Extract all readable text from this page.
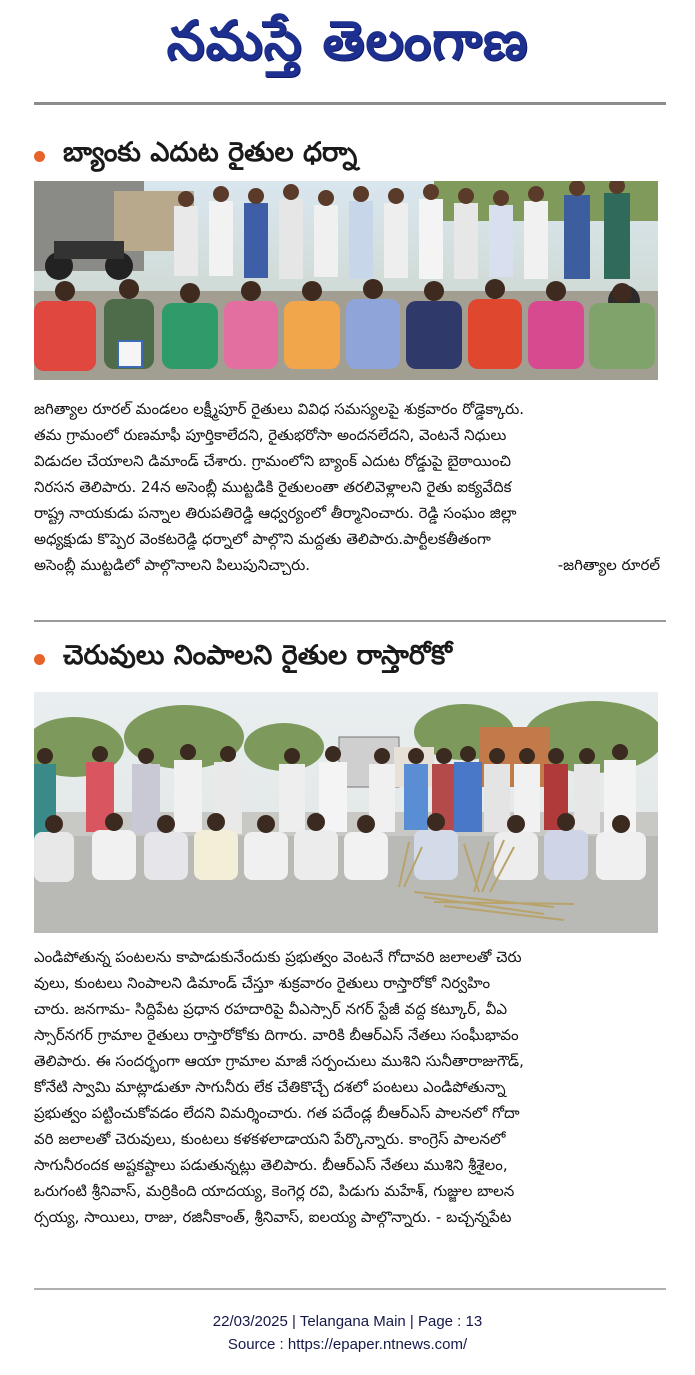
నమస్తే తెలంగాణ
బ్యాంకు ఎదుట రైతుల ధర్నా
జగిత్యాల రూరల్ మండలం లక్ష్మీపూర్ రైతులు వివిధ సమస్యలపై శుక్రవారం రోడ్డెక్కారు.
తమ గ్రామంలో రుణమాఫీ పూర్తికాలేదని, రైతుభరోసా అందనలేదని, వెంటనే నిధులు
విడుదల చేయాలని డిమాండ్ చేశారు. గ్రామంలోని బ్యాంక్ ఎదుట రోడ్డుపై బైఠాయించి
నిరసన తెలిపారు. 24న అసెంబ్లీ ముట్టడికి రైతులంతా తరలివెళ్లాలని రైతు ఐక్యవేదిక
రాష్ట్ర నాయకుడు పన్నాల తిరుపతిరెడ్డి ఆధ్వర్యంలో తీర్మానించారు. రెడ్డి సంఘం జిల్లా
అధ్యక్షుడు కొప్పెర వెంకటరెడ్డి ధర్నాలో పాల్గొని మద్దతు తెలిపారు.పార్టీలకతీతంగా
అసెంబ్లీ ముట్టడిలో పాల్గొనాలని పిలుపునిచ్చారు.	-జగిత్యాల రూరల్
చెరువులు నింపాలని రైతుల రాస్తారోకో
ఎండిపోతున్న పంటలను కాపాడుకునేందుకు ప్రభుత్వం వెంటనే గోదావరి జలాలతో చెరు
వులు, కుంటలు నింపాలని డిమాండ్ చేస్తూ శుక్రవారం రైతులు రాస్తారోకో నిర్వహిం
చారు. జనగామ- సిద్దిపేట ప్రధాన రహదారిపై వీఎస్సార్ నగర్ స్టేజీ వద్ద కట్కూర్, వీఎ
స్సార్‌నగర్ గ్రామాల రైతులు రాస్తారోకోకు దిగారు. వారికి బీఆర్ఎస్ నేతలు సంఘీభావం
తెలిపారు. ఈ సందర్భంగా ఆయా గ్రామాల మాజీ సర్పంచులు ముశిని సునీతారాజుగౌడ్,
కోనేటి స్వామి మాట్లాడుతూ సాగునీరు లేక చేతికొచ్చే దశలో పంటలు ఎండిపోతున్నా
ప్రభుత్వం పట్టించుకోవడం లేదని విమర్శించారు. గత పదేండ్ల బీఆర్ఎస్ పాలనలో గోదా
వరి జలాలతో చెరువులు, కుంటలు కళకళలాడాయని పేర్కొన్నారు. కాంగ్రెస్ పాలనలో
సాగునీరందక అష్టకష్టాలు పడుతున్నట్లు తెలిపారు. బీఆర్ఎస్ నేతలు ముశిని శ్రీశైలం,
ఒరుగంటి శ్రీనివాస్, మర్రికింది యాదయ్య, కెంగెర్ల రవి, పిడుగు మహేశ్, గుజ్జుల బాలన
ర్సయ్య, సాయిలు, రాజు, రజినీకాంత్, శ్రీనివాస్, ఐలయ్య పాల్గొన్నారు. - బచ్చన్నపేట
22/03/2025 | Telangana Main | Page : 13
Source : https://epaper.ntnews.com/
